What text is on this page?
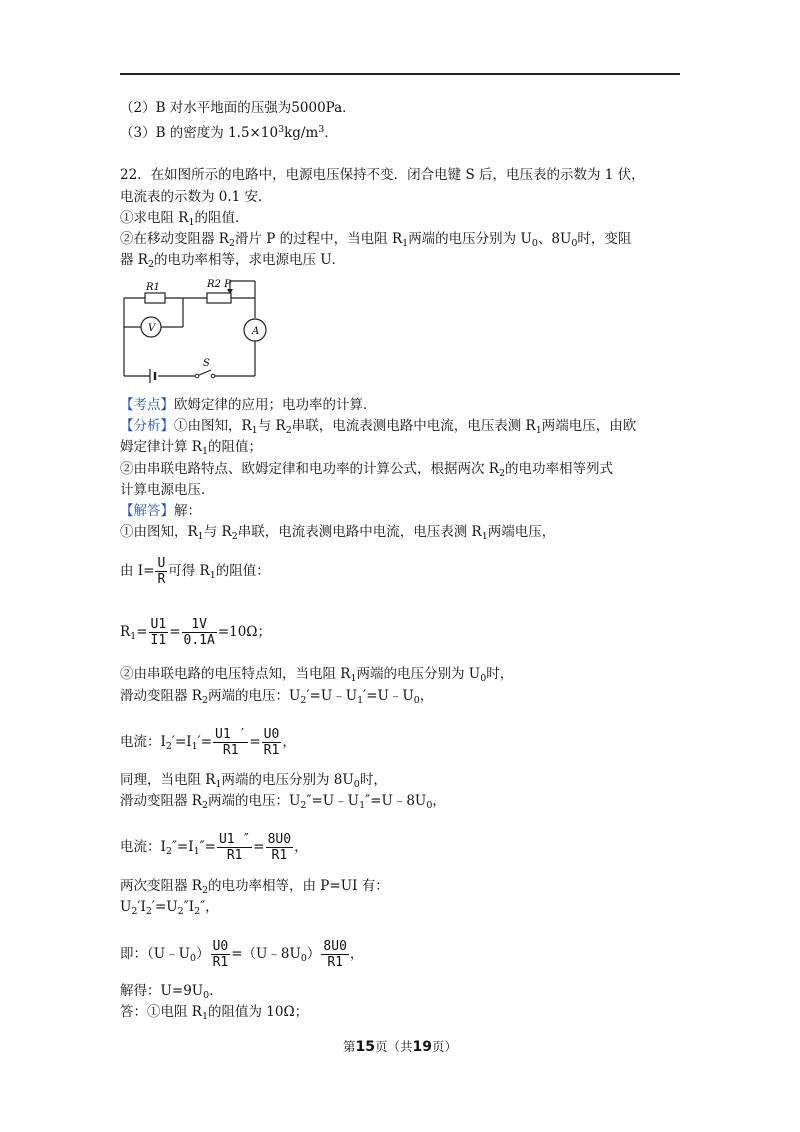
（2）B 对水平地面的压强为5000Pa．
（3）B 的密度为 $1.5\times 10^3kg/m^3$．
22．在如图所示的电路中，电源电压保持不变．闭合电键 S 后，电压表的示数为 1 伏，
电流表的示数为 0.1 安．
①求电阻 $R_1$的阻值．
②在移动变阻器 $R_2$滑片 P 的过程中，当电阻 $R_1$两端的电压分别为 $U_0$、$8U_0$时，变阻
器 $R_2$的电功率相等，求电源电压 U．
R1	R2 P
V	A
S
【考点】欧姆定律的应用；电功率的计算．
【分析】①由图知，$R_1$与 $R_2$串联，电流表测电路中电流，电压表测 $R_1$两端电压，由欧
姆定律计算 $R_1$的阻值；
②由串联电路特点、欧姆定律和电功率的计算公式，根据两次 $R_2$的电功率相等列式
计算电源电压．
【解答】解：
①由图知，$R_1$与 $R_2$串联，电流表测电路中电流，电压表测 $R_1$两端电压，
由 $I= \frac{U}{R}$ 可得 $R_1$的阻值：
$R_1= \frac{U1}{I1} = \frac{1V}{0.1A} =10\Omega$；
②由串联电路的电压特点知，当电阻 $R_1$两端的电压分别为 $U_0$时，
滑动变阻器 $R_2$两端的电压：$U_2'=U﹣U_1'=U﹣U_0$，
电流：$I_2'=I_1'= \frac{U1 '}{R1} = \frac{U0}{R1}$ ，
同理，当电阻 $R_1$两端的电压分别为 $8U_0$时，
滑动变阻器 $R_2$两端的电压：$U_2''=U﹣U_1''=U﹣8U_0$，
电流：$I_2''=I_1''= \frac{U1 ''}{R1} = \frac{8U0}{R1}$ ，
两次变阻器 $R_2$的电功率相等，由 P=UI 有：
$U_2'I_2'=U_2''I_2''$，
即：$(U﹣U_0) \frac{U0}{R1}$ $=(U﹣8U_0) \frac{8U0}{R1}$ ，
解得：$U=9U_0$．
答：①电阻 $R_1$的阻值为 10Ω；
第15页（共19页）
